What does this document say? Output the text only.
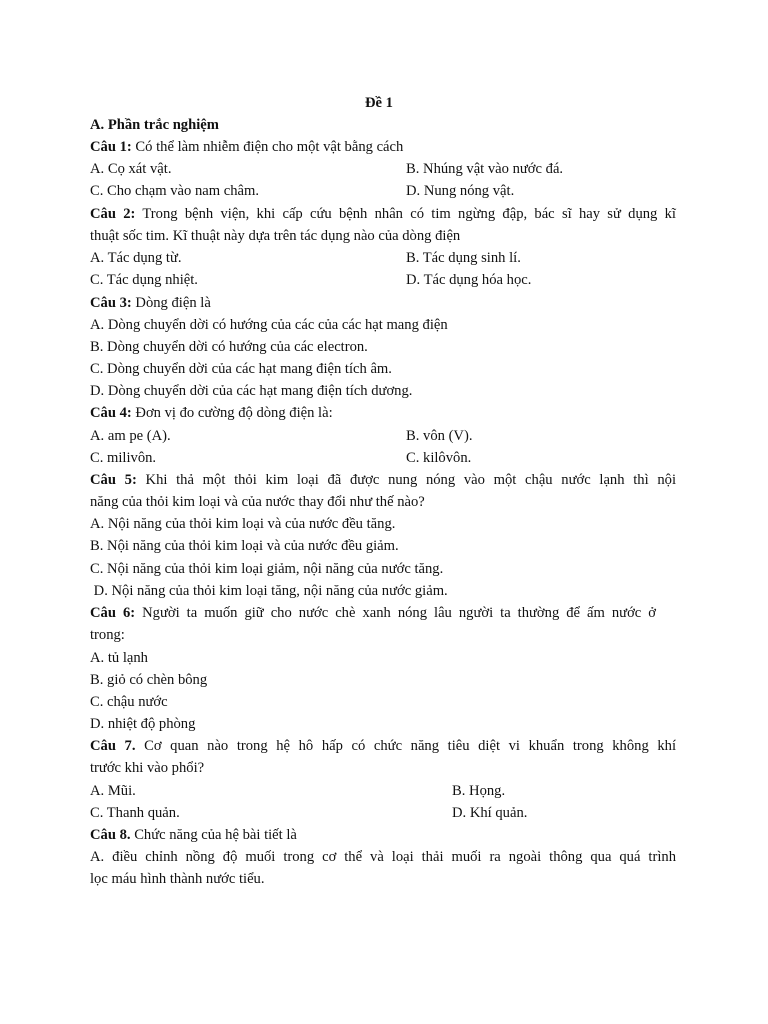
Đề 1
A. Phần trắc nghiệm
Câu 1: Có thể làm nhiễm điện cho một vật bằng cách
A. Cọ xát vật.	B. Nhúng vật vào nước đá.
C. Cho chạm vào nam châm.	D. Nung nóng vật.
Câu 2: Trong bệnh viện, khi cấp cứu bệnh nhân có tim ngừng đập, bác sĩ hay sử dụng kĩ
thuật sốc tim. Kĩ thuật này dựa trên tác dụng nào của dòng điện
A. Tác dụng từ.	B. Tác dụng sinh lí.
C. Tác dụng nhiệt.	D. Tác dụng hóa học.
Câu 3: Dòng điện là
A. Dòng chuyển dời có hướng của các của các hạt mang điện
B. Dòng chuyển dời có hướng của các electron.
C. Dòng chuyển dời của các hạt mang điện tích âm.
D. Dòng chuyển dời của các hạt mang điện tích dương.
Câu 4: Đơn vị đo cường độ dòng điện là:
A. am pe (A).	B. vôn (V).
C. milivôn.	C. kilôvôn.
Câu 5: Khi thả một thỏi kim loại đã được nung nóng vào một chậu nước lạnh thì nội
năng của thỏi kim loại và của nước thay đổi như thế nào?
A. Nội năng của thỏi kim loại và của nước đều tăng.
B. Nội năng của thỏi kim loại và của nước đều giảm.
C. Nội năng của thỏi kim loại giảm, nội năng của nước tăng.
D. Nội năng của thỏi kim loại tăng, nội năng của nước giảm.
Câu 6: Người ta muốn giữ cho nước chè xanh nóng lâu người ta thường để ấm nước ở
trong:
A. tủ lạnh
B. giỏ có chèn bông
C. chậu nước
D. nhiệt độ phòng
Câu 7. Cơ quan nào trong hệ hô hấp có chức năng tiêu diệt vi khuẩn trong không khí
trước khi vào phổi?
A. Mũi.	B. Họng.
C. Thanh quản.	D. Khí quản.
Câu 8. Chức năng của hệ bài tiết là
A. điều chỉnh nồng độ muối trong cơ thể và loại thải muối ra ngoài thông qua quá trình
lọc máu hình thành nước tiểu.
